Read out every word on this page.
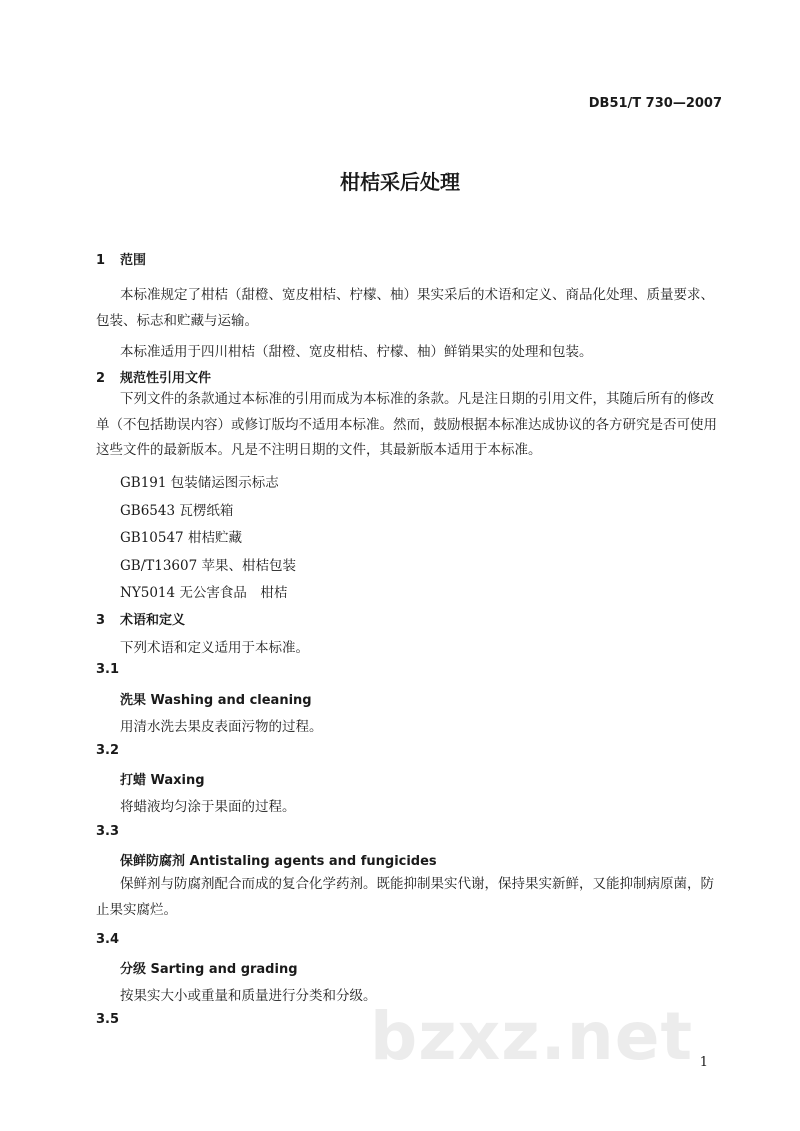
DB51/T 730—2007
柑桔采后处理
1 范围
本标准规定了柑桔（甜橙、宽皮柑桔、柠檬、柚）果实采后的术语和定义、商品化处理、质量要求、包装、标志和贮藏与运输。
本标准适用于四川柑桔（甜橙、宽皮柑桔、柠檬、柚）鲜销果实的处理和包装。
2 规范性引用文件
下列文件的条款通过本标准的引用而成为本标准的条款。凡是注日期的引用文件，其随后所有的修改单（不包括勘误内容）或修订版均不适用本标准。然而，鼓励根据本标准达成协议的各方研究是否可使用这些文件的最新版本。凡是不注明日期的文件，其最新版本适用于本标准。
GB191 包装储运图示标志
GB6543 瓦楞纸箱
GB10547 柑桔贮藏
GB/T13607 苹果、柑桔包装
NY5014 无公害食品　柑桔
3 术语和定义
下列术语和定义适用于本标准。
3.1
洗果 Washing and cleaning
用清水洗去果皮表面污物的过程。
3.2
打蜡 Waxing
将蜡液均匀涂于果面的过程。
3.3
保鲜防腐剂 Antistaling agents and fungicides
保鲜剂与防腐剂配合而成的复合化学药剂。既能抑制果实代谢，保持果实新鲜，又能抑制病原菌，防止果实腐烂。
3.4
分级 Sarting and grading
按果实大小或重量和质量进行分类和分级。
3.5	bzxz.net 1
